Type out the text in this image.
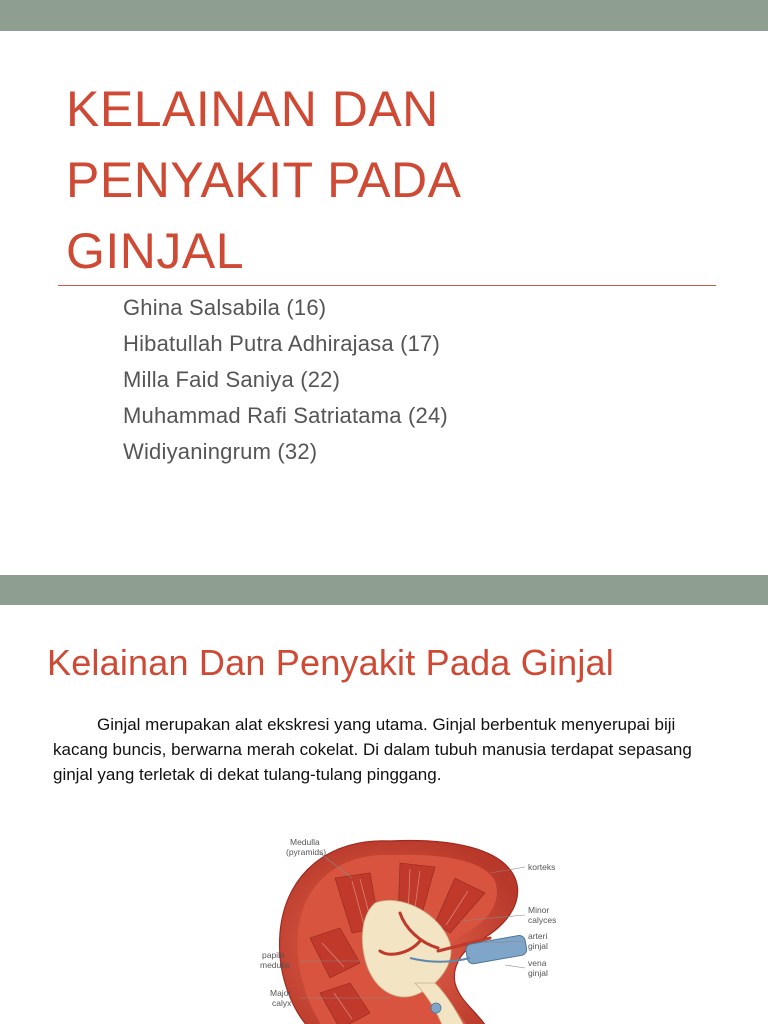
KELAINAN DAN
PENYAKIT PADA
GINJAL
Ghina Salsabila (16)
Hibatullah Putra Adhirajasa (17)
Milla Faid Saniya (22)
Muhammad Rafi Satriatama (24)
Widiyaningrum (32)
Kelainan Dan Penyakit Pada Ginjal

Ginjal merupakan alat ekskresi yang utama. Ginjal berbentuk menyerupai biji kacang buncis, berwarna merah cokelat. Di dalam tubuh manusia terdapat sepasang ginjal yang terletak di dekat tulang-tulang pinggang.

Medulla
(pyramids)
korteks
Minor
calyces
arteri
ginjal
papila
medulla	vena
ginjal
Major
calyx
